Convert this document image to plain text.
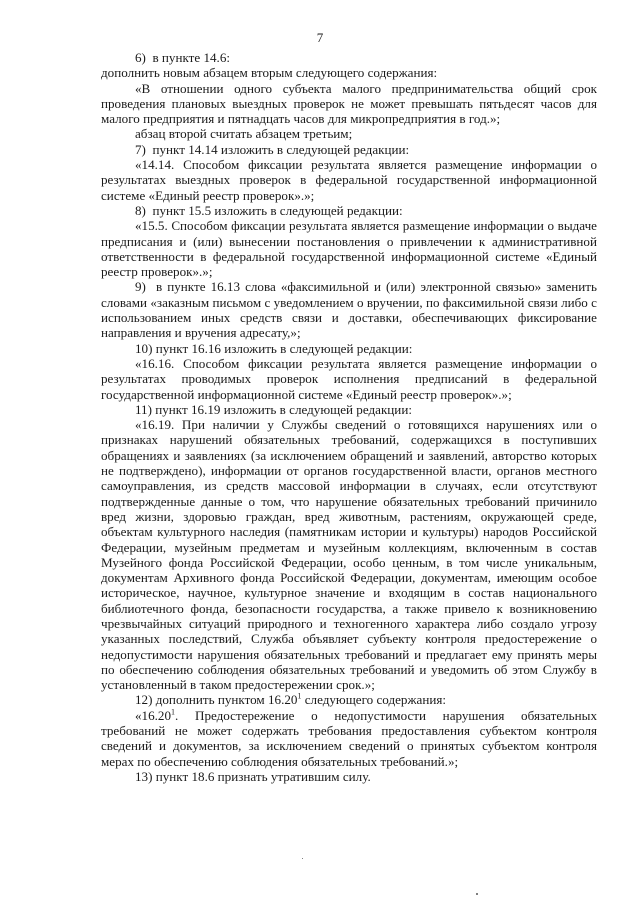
7

6)  в пункте 14.6:

дополнить новым абзацем вторым следующего содержания:

«В отношении одного субъекта малого предпринимательства общий срок проведения плановых выездных проверок не может превышать пятьдесят часов для малого предприятия и пятнадцать часов для микропредприятия в год.»;

абзац второй считать абзацем третьим;

7)  пункт 14.14 изложить в следующей редакции:

«14.14. Способом фиксации результата является размещение информации о результатах выездных проверок в федеральной государственной информационной системе «Единый реестр проверок».»;

8)  пункт 15.5 изложить в следующей редакции:

«15.5. Способом фиксации результата является размещение информации о выдаче предписания и (или) вынесении постановления о привлечении к административной ответственности в федеральной государственной информационной системе «Единый реестр проверок».»;

9)  в пункте 16.13 слова «факсимильной и (или) электронной связью» заменить словами «заказным письмом с уведомлением о вручении, по факсимильной связи либо с использованием иных средств связи и доставки, обеспечивающих фиксирование направления и вручения адресату,»;

10) пункт 16.16 изложить в следующей редакции:

«16.16. Способом фиксации результата является размещение информации о результатах проводимых проверок исполнения предписаний в федеральной государственной информационной системе «Единый реестр проверок».»;

11) пункт 16.19 изложить в следующей редакции:

«16.19. При наличии у Службы сведений о готовящихся нарушениях или о признаках нарушений обязательных требований, содержащихся в поступивших обращениях и заявлениях (за исключением обращений и заявлений, авторство которых не подтверждено), информации от органов государственной власти, органов местного самоуправления, из средств массовой информации в случаях, если отсутствуют подтвержденные данные о том, что нарушение обязательных требований причинило вред жизни, здоровью граждан, вред животным, растениям, окружающей среде, объектам культурного наследия (памятникам истории и культуры) народов Российской Федерации, музейным предметам и музейным коллекциям, включенным в состав Музейного фонда Российской Федерации, особо ценным, в том числе уникальным, документам Архивного фонда Российской Федерации, документам, имеющим особое историческое, научное, культурное значение и входящим в состав национального библиотечного фонда, безопасности государства, а также привело к возникновению чрезвычайных ситуаций природного и техногенного характера либо создало угрозу указанных последствий, Служба объявляет субъекту контроля предостережение о недопустимости нарушения обязательных требований и предлагает ему принять меры по обеспечению соблюдения обязательных требований и уведомить об этом Службу в установленный в таком предостережении срок.»;

12) дополнить пунктом 16.20$^1$ следующего содержания:

«16.20$^1$. Предостережение о недопустимости нарушения обязательных требований не может содержать требования предоставления субъектом контроля сведений и документов, за исключением сведений о принятых субъектом контроля мерах по обеспечению соблюдения обязательных требований.»;

13) пункт 18.6 признать утратившим силу.
